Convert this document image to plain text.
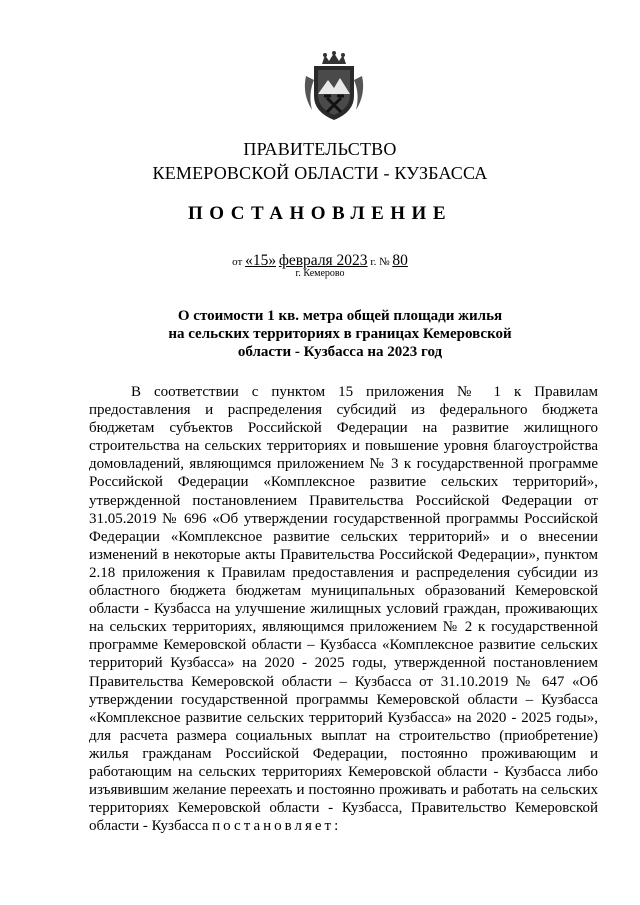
ПРАВИТЕЛЬСТВО
КЕМЕРОВСКОЙ ОБЛАСТИ - КУЗБАССА
ПОСТАНОВЛЕНИЕ
от «15» февраля 2023 г. № 80
г. Кемерово
О стоимости 1 кв. метра общей площади жилья
на сельских территориях в границах Кемеровской
области - Кузбасса на 2023 год
В соответствии с пунктом 15 приложения № 1 к Правилам предоставления и распределения субсидий из федерального бюджета бюджетам субъектов Российской Федерации на развитие жилищного строительства на сельских территориях и повышение уровня благоустройства домовладений, являющимся приложением № 3 к государственной программе Российской Федерации «Комплексное развитие сельских территорий», утвержденной постановлением Правительства Российской Федерации от 31.05.2019 № 696 «Об утверждении государственной программы Российской Федерации «Комплексное развитие сельских территорий» и о внесении изменений в некоторые акты Правительства Российской Федерации», пунктом 2.18 приложения к Правилам предоставления и распределения субсидии из областного бюджета бюджетам муниципальных образований Кемеровской области - Кузбасса на улучшение жилищных условий граждан, проживающих на сельских территориях, являющимся приложением № 2 к государственной программе Кемеровской области – Кузбасса «Комплексное развитие сельских территорий Кузбасса» на 2020 - 2025 годы, утвержденной постановлением Правительства Кемеровской области – Кузбасса от 31.10.2019 № 647 «Об утверждении государственной программы Кемеровской области – Кузбасса «Комплексное развитие сельских территорий Кузбасса» на 2020 - 2025 годы», для расчета размера социальных выплат на строительство (приобретение) жилья гражданам Российской Федерации, постоянно проживающим и работающим на сельских территориях Кемеровской области - Кузбасса либо изъявившим желание переехать и постоянно проживать и работать на сельских территориях Кемеровской области - Кузбасса, Правительство Кемеровской области - Кузбасса постановляет:
